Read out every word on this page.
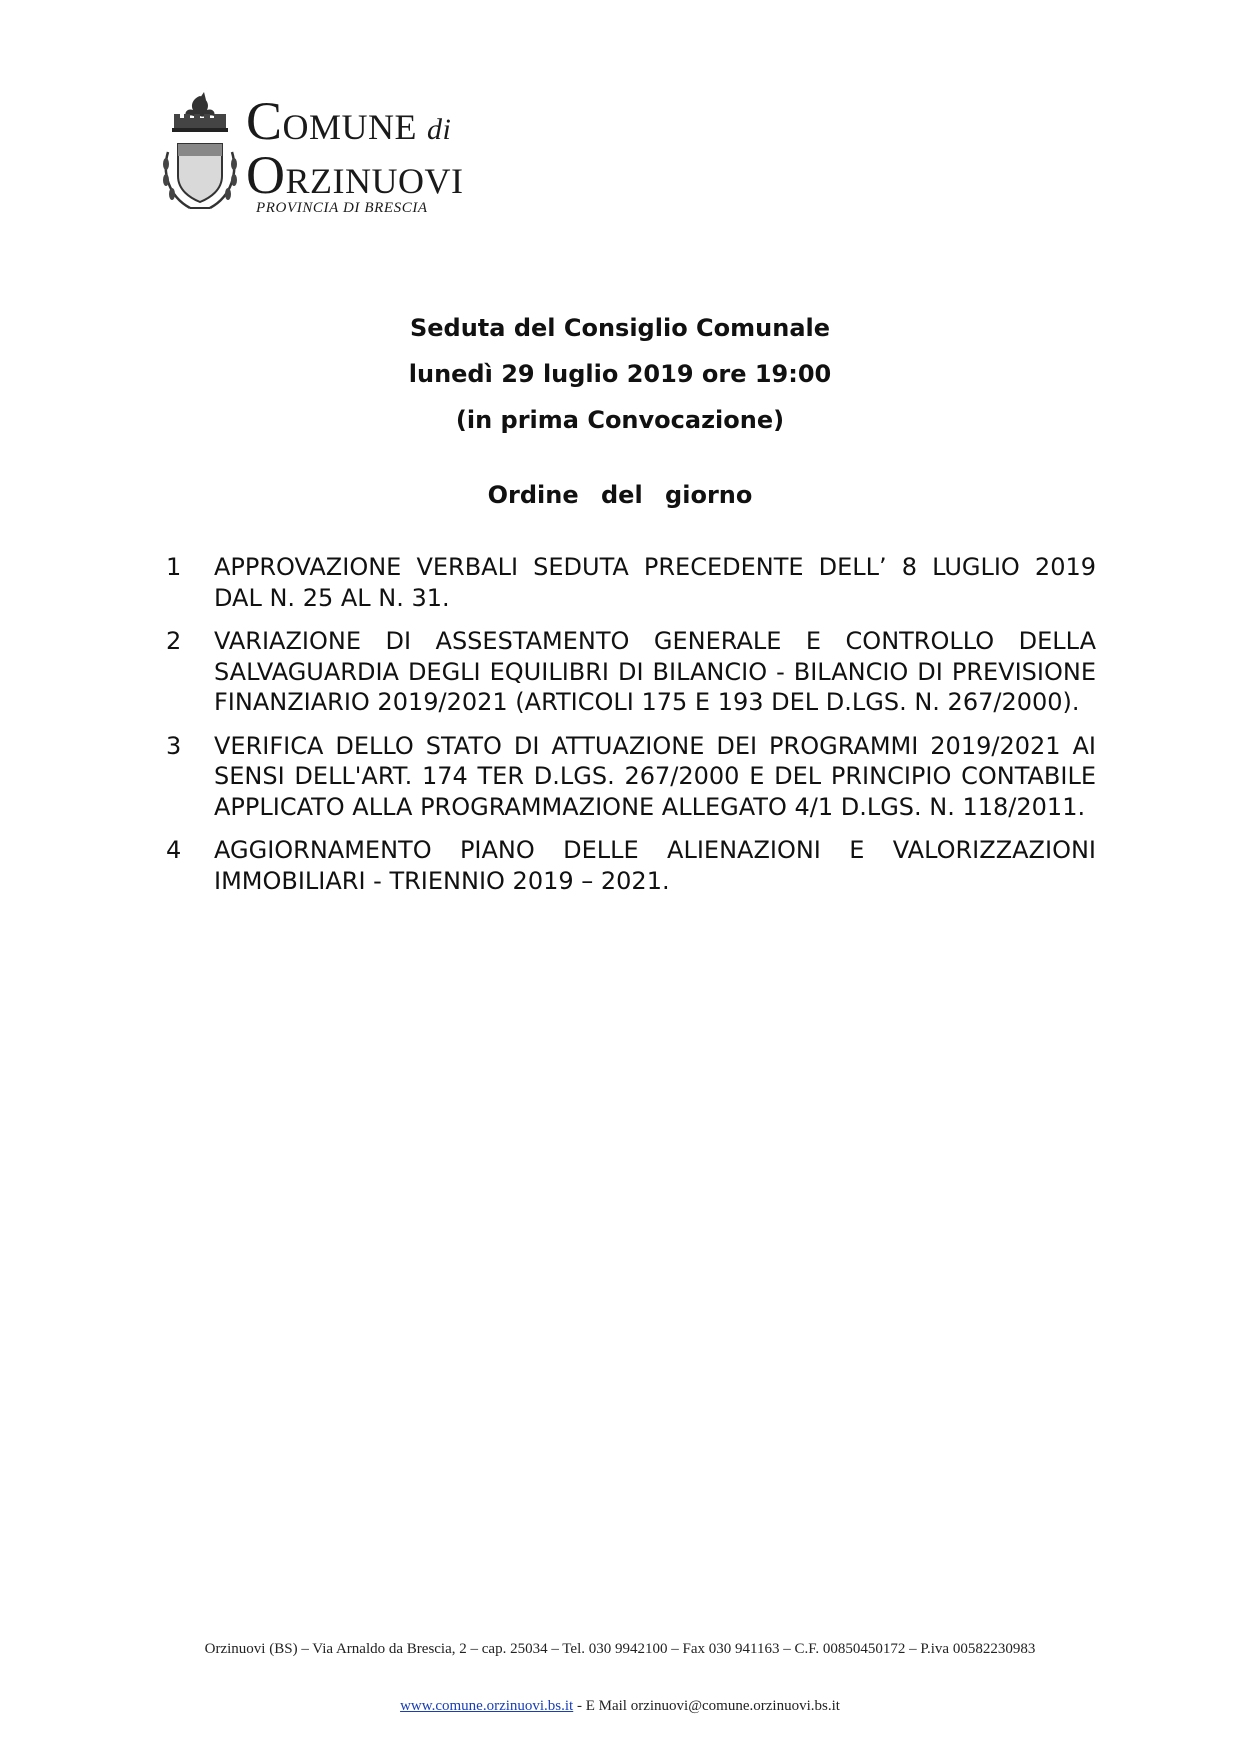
COMUNE di
ORZINUOVI
PROVINCIA DI BRESCIA
Seduta del Consiglio Comunale
lunedì 29 luglio 2019 ore 19:00
(in prima Convocazione)
Ordine del giorno
1	APPROVAZIONE VERBALI SEDUTA PRECEDENTE DELL’ 8 LUGLIO 2019 DAL N. 25 AL N. 31.
2	VARIAZIONE DI ASSESTAMENTO GENERALE E CONTROLLO DELLA SALVAGUARDIA DEGLI EQUILIBRI DI BILANCIO - BILANCIO DI PREVISIONE FINANZIARIO 2019/2021 (ARTICOLI 175 E 193 DEL D.LGS. N. 267/2000).
3	VERIFICA DELLO STATO DI ATTUAZIONE DEI PROGRAMMI 2019/2021 AI SENSI DELL'ART. 174 TER D.LGS. 267/2000 E DEL PRINCIPIO CONTABILE APPLICATO ALLA PROGRAMMAZIONE ALLEGATO 4/1 D.LGS. N. 118/2011.
4	AGGIORNAMENTO PIANO DELLE ALIENAZIONI E VALORIZZAZIONI IMMOBILIARI - TRIENNIO 2019 – 2021.
Orzinuovi (BS) – Via Arnaldo da Brescia, 2 – cap. 25034 – Tel. 030 9942100 – Fax 030 941163 – C.F. 00850450172 – P.iva 00582230983
www.comune.orzinuovi.bs.it - E Mail orzinuovi@comune.orzinuovi.bs.it
